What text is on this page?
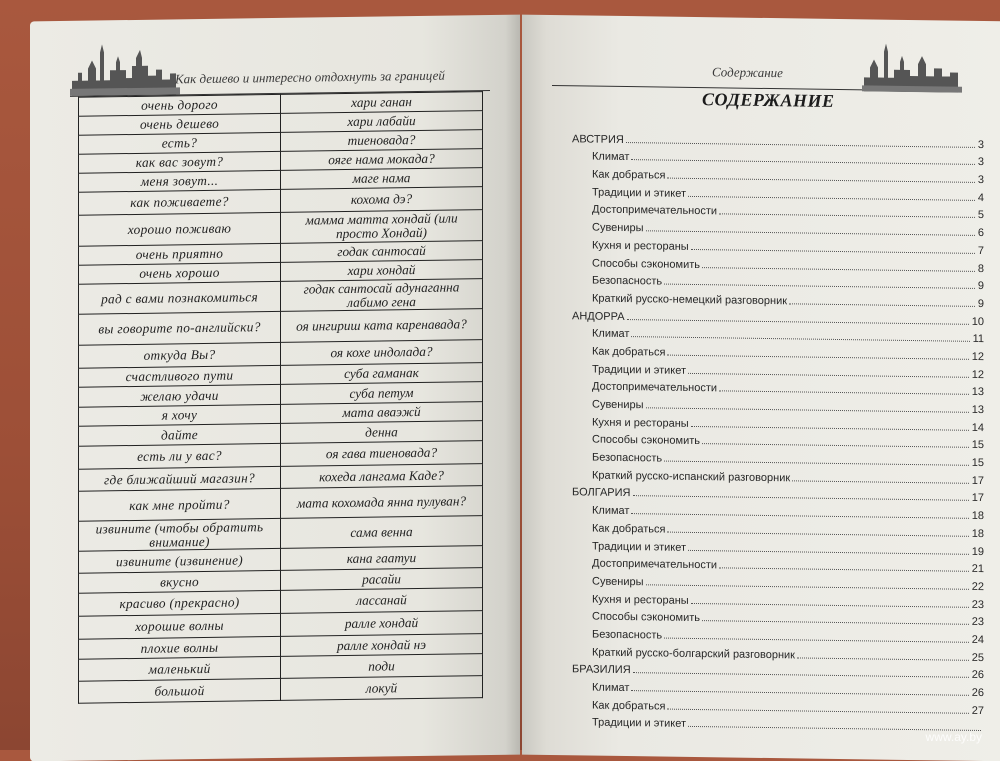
Как дешево и интересно отдохнуть за границей
очень дорого	хари ганан
очень дешево	хари лабайи
есть?	тиеновада?
как вас зовут?	ояге нама мокада?
меня зовут...	маге нама
как поживаете?	кохома дэ?
хорошо поживаю	мамма матта хондай (или просто Хондай)
очень приятно	годак сантосай
очень хорошо	хари хондай
рад с вами познакомиться	годак сантосай адунаганна лабимо гена
вы говорите по-английски?	оя ингириш ката каренавада?
откуда Вы?	оя кохе индолада?
счастливого пути	суба гаманак
желаю удачи	суба петум
я хочу	мата аваэжй
дайте	денна
есть ли у вас?	оя гава тиеновада?
где ближайший магазин?	кохеда лангама Каде?
как мне пройти?	мата кохомада янна пулуван?
извините (чтобы обратить внимание)	сама венна
извините (извинение)	кана гаатуи
вкусно	расайи
красиво (прекрасно)	лассанай
хорошие волны	ралле хондай
плохие волны	ралле хондай нэ
маленький	поди
большой	локуй
Содержание
СОДЕРЖАНИЕ
АВСТРИЯ	3
Климат	3
Как добраться	3
Традиции и этикет	4
Достопримечательности	5
Сувениры	6
Кухня и рестораны	7
Способы сэкономить	8
Безопасность	9
Краткий русско-немецкий разговорник	9
АНДОРРА	10
Климат	11
Как добраться	12
Традиции и этикет	12
Достопримечательности	13
Сувениры	13
Кухня и рестораны	14
Способы сэкономить	15
Безопасность	15
Краткий русско-испанский разговорник	17
БОЛГАРИЯ	17
Климат	18
Как добраться	18
Традиции и этикет	19
Достопримечательности	21
Сувениры	22
Кухня и рестораны	23
Способы сэкономить	23
Безопасность	24
Краткий русско-болгарский разговорник	25
БРАЗИЛИЯ	26
Климат	26
Как добраться	27
Традиции и этикет
www.ay.by
